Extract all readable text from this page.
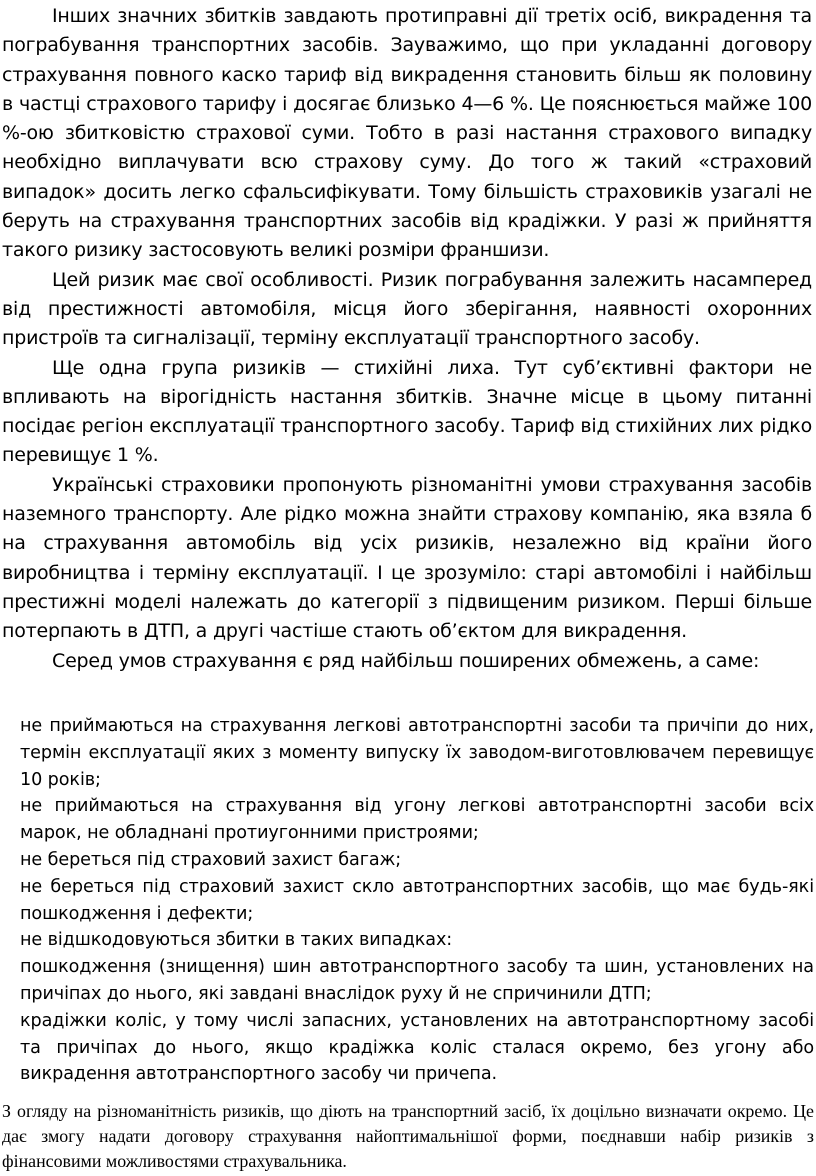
Інших значних збитків завдають протиправні дії третіх осіб, викрадення та пограбування транспортних засобів. Зауважимо, що при укладанні договору страхування повного каско тариф від викрадення становить більш як половину в частці страхового тарифу і досягає близько 4—6 %. Це пояснюється майже 100 %-ою збитковістю страхової суми. Тобто в разі настання страхового випадку необхідно виплачувати всю страхову суму. До того ж такий «страховий випадок» досить легко сфальсифікувати. Тому більшість страховиків узагалі не беруть на страхування транспортних засобів від крадіжки. У разі ж прийняття такого ризику застосовують великі розміри франшизи.

Цей ризик має свої особливості. Ризик пограбування залежить насамперед від престижності автомобіля, місця його зберігання, наявності охоронних пристроїв та сигналізації, терміну експлуатації транспортного засобу.

Ще одна група ризиків — стихійні лиха. Тут суб’єктивні фактори не впливають на вірогідність настання збитків. Значне місце в цьому питанні посідає регіон експлуатації транспортного засобу. Тариф від стихійних лих рідко перевищує 1 %.

Українські страховики пропонують різноманітні умови страхування засобів наземного транспорту. Але рідко можна знайти страхову компанію, яка взяла б на страхування автомобіль від усіх ризиків, незалежно від країни його виробництва і терміну експлуатації. І це зрозуміло: старі автомобілі і найбільш престижні моделі належать до категорії з підвищеним ризиком. Перші більше потерпають в ДТП, а другі частіше стають об’єктом для викрадення.

Серед умов страхування є ряд найбільш поширених обмежень, а саме:

не приймаються на страхування легкові автотранспортні засоби та причіпи до них, термін експлуатації яких з моменту випуску їх заводом-виготовлювачем перевищує 10 років;
не приймаються на страхування від угону легкові автотранспортні засоби всіх марок, не обладнані протиугонними пристроями;
не береться під страховий захист багаж;
не береться під страховий захист скло автотранспортних засобів, що має будь-які пошкодження і дефекти;
не відшкодовуються збитки в таких випадках:
пошкодження (знищення) шин автотранспортного засобу та шин, установлених на причіпах до нього, які завдані внаслідок руху й не спричинили ДТП;
крадіжки коліс, у тому числі запасних, установлених на автотранспортному засобі та причіпах до нього, якщо крадіжка коліс сталася окремо, без угону або викрадення автотранспортного засобу чи причепа.

З огляду на різноманітність ризиків, що діють на транспортний засіб, їх доцільно визначати окремо. Це дає змогу надати договору страхування найоптимальнішої форми, поєднавши набір ризиків з фінансовими можливостями страхувальника.
